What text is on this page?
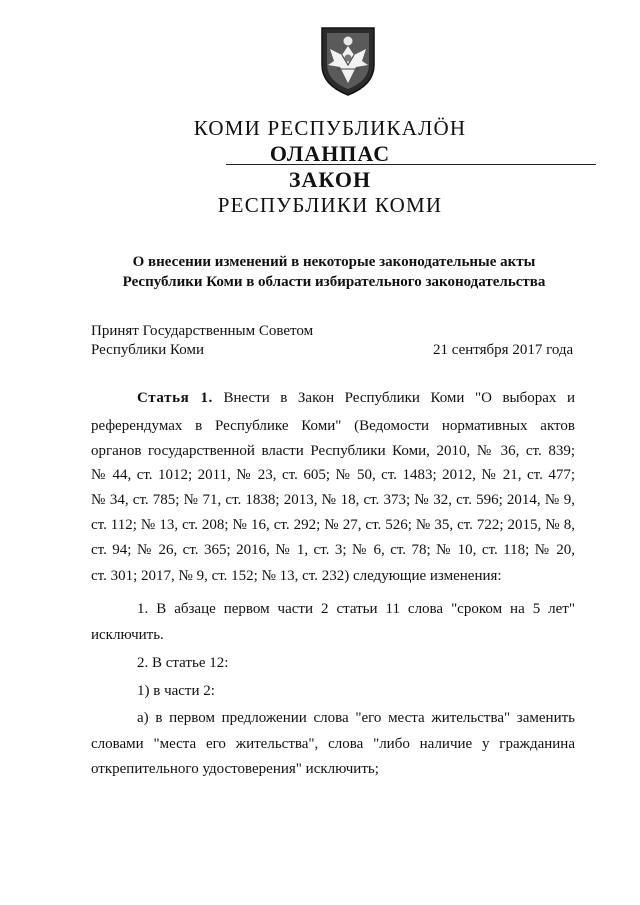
КОМИ РЕСПУБЛИКАЛÖН
ОЛАНПАС
ЗАКОН
РЕСПУБЛИКИ КОМИ
О внесении изменений в некоторые законодательные акты
Республики Коми в области избирательного законодательства
Принят Государственным Советом
Республики Коми	21 сентября 2017 года
Статья 1. Внести в Закон Республики Коми "О выборах и
референдумах в Республике Коми" (Ведомости нормативных актов
органов государственной власти Республики Коми, 2010, № 36, ст. 839;
№ 44, ст. 1012; 2011, № 23, ст. 605; № 50, ст. 1483; 2012, № 21, ст. 477;
№ 34, ст. 785; № 71, ст. 1838; 2013, № 18, ст. 373; № 32, ст. 596; 2014, № 9,
ст. 112; № 13, ст. 208; № 16, ст. 292; № 27, ст. 526; № 35, ст. 722; 2015, № 8,
ст. 94; № 26, ст. 365; 2016, № 1, ст. 3; № 6, ст. 78; № 10, ст. 118; № 20,
ст. 301; 2017, № 9, ст. 152; № 13, ст. 232) следующие изменения:
1. В абзаце первом части 2 статьи 11 слова "сроком на 5 лет"
исключить.
2. В статье 12:
1) в части 2:
а) в первом предложении слова "его места жительства" заменить
словами "места его жительства", слова "либо наличие у гражданина
открепительного удостоверения" исключить;
